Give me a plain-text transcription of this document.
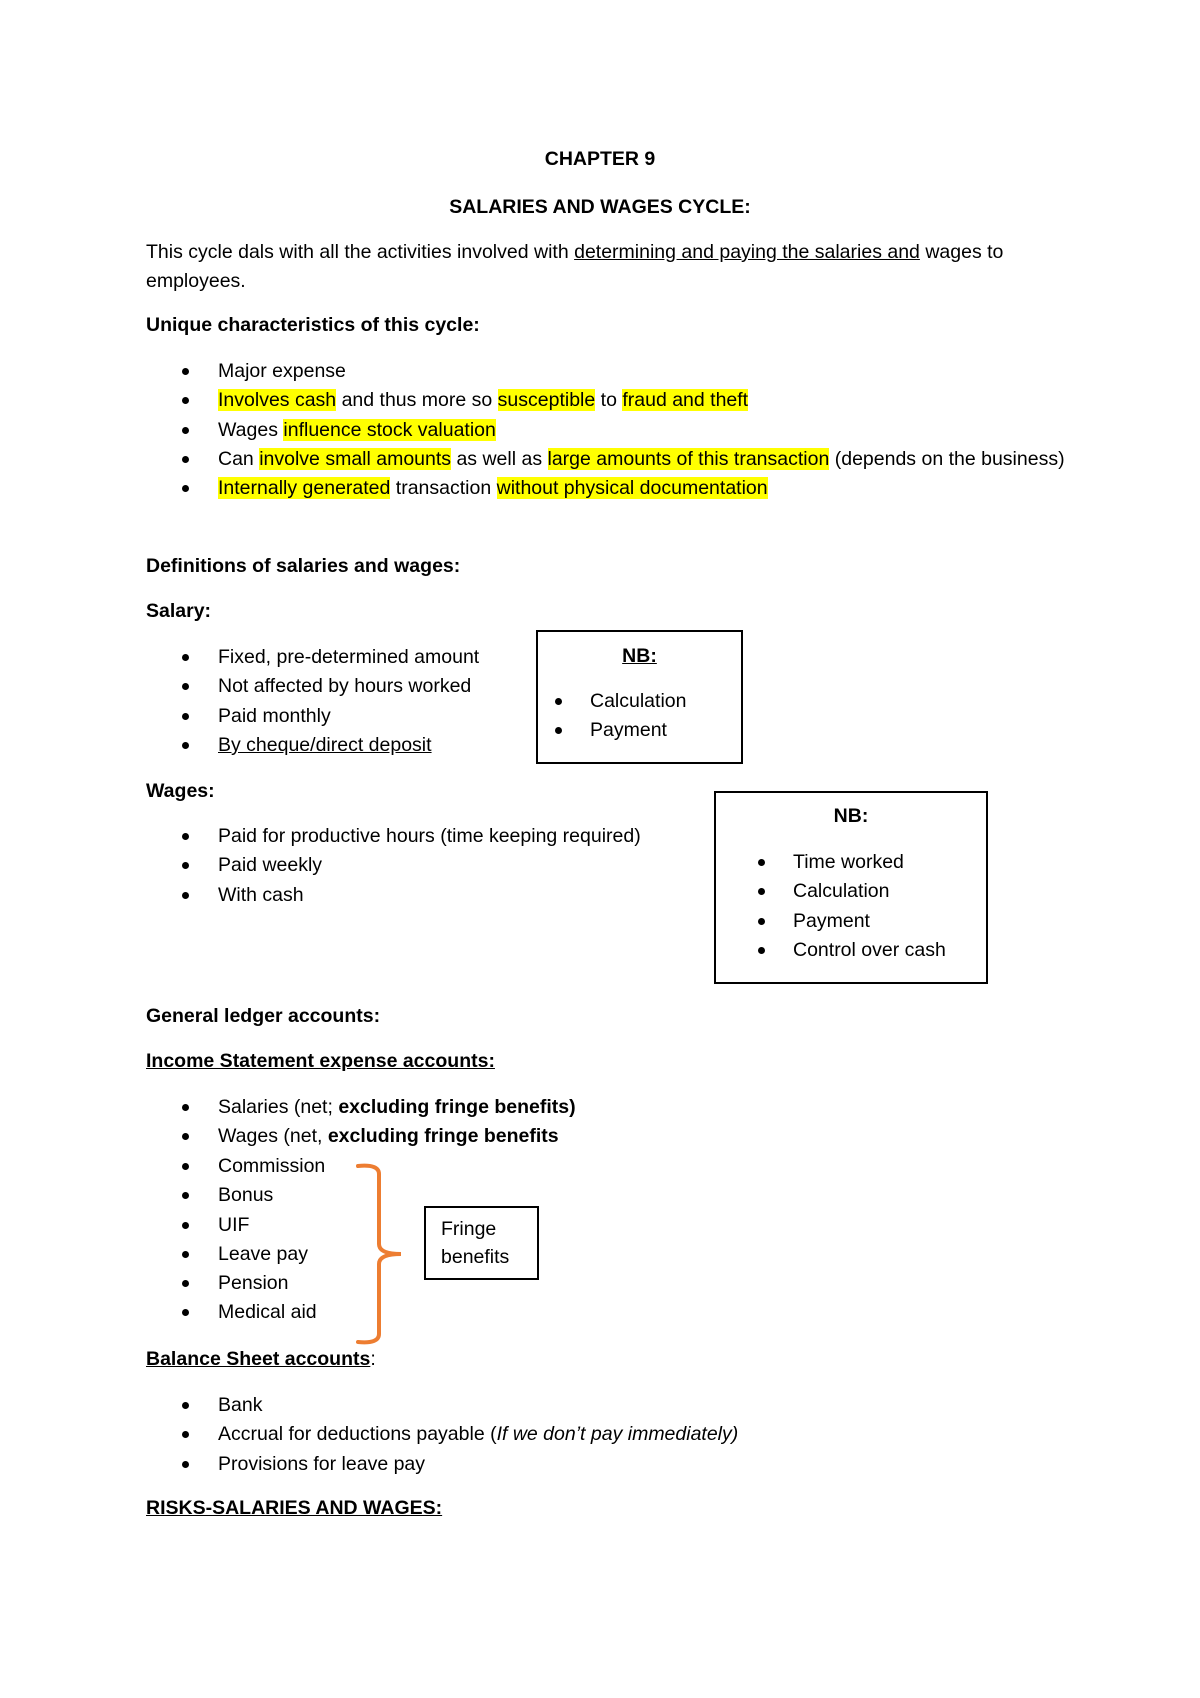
CHAPTER 9
SALARIES AND WAGES CYCLE:
This cycle dals with all the activities involved with determining and paying the salaries and wages to employees.
Unique characteristics of this cycle:
Major expense
Involves cash and thus more so susceptible to fraud and theft
Wages influence stock valuation
Can involve small amounts as well as large amounts of this transaction (depends on the business)
Internally generated transaction without physical documentation
Definitions of salaries and wages:
Salary:
Fixed, pre-determined amount
Not affected by hours worked
Paid monthly
By cheque/direct deposit
NB:
Calculation
Payment
Wages:
Paid for productive hours (time keeping required)
Paid weekly
With cash
NB:
Time worked
Calculation
Payment
Control over cash
General ledger accounts:
Income Statement expense accounts:
Salaries (net; excluding fringe benefits)
Wages (net, excluding fringe benefits
Commission
Bonus
UIF
Leave pay
Pension
Medical aid
Fringe
benefits
Balance Sheet accounts:
Bank
Accrual for deductions payable (If we don’t pay immediately)
Provisions for leave pay
RISKS-SALARIES AND WAGES:
